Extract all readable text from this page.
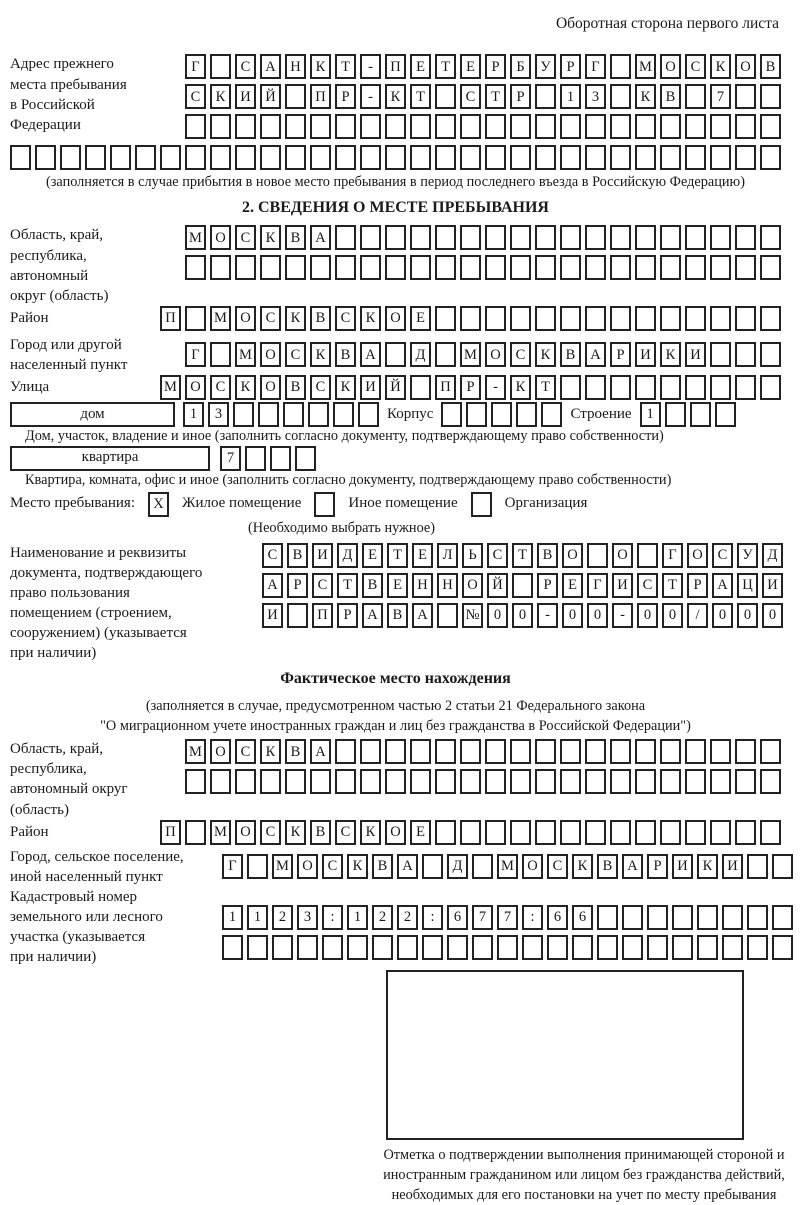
Оборотная сторона первого листа
Адрес прежнего
места пребывания
в Российской
Федерации
Г	С	А	Н	К	Т	-	П	Е	Т	Е	Р	Б	У	Р	Г	М О	С	К	О	В
С	К	И	Й	П	Р	-	К	Т	С	Т	Р	1	3	К	В	7
(заполняется в случае прибытия в новое место пребывания в период последнего въезда в Российскую Федерацию)
2. СВЕДЕНИЯ О МЕСТЕ ПРЕБЫВАНИЯ
Область, край,
республика,
автономный
округ (область)
М О	С	К	В	А
Район	П	М О	С	К	В	С	К	О	Е
Город или другой
населенный пункт
Г	М О	С	К	В	А	Д	М О	С	К	В	А	Р	И	К	И
Улица	М О	С	К	О	В	С	К	И	Й	П	Р	-	К	Т
дом	1	3	Корпус	Строение	1
Дом, участок, владение и иное (заполнить согласно документу, подтверждающему право собственности)
квартира	7
Квартира, комната, офис и иное (заполнить согласно документу, подтверждающему право собственности)
Место пребывания:	X	Жилое помещение	Иное помещение	Организация
(Необходимо выбрать нужное)
Наименование и реквизиты
документа, подтверждающего
право пользования
помещением (строением,
сооружением) (указывается
при наличии)
С	В	И	Д	Е	Т	Е	Л	Ь	С	Т	В	О	О	Г	О	С	У	Д
А	Р	С	Т	В	Е	Н	Н	О	Й	Р	Е	Г	И	С	Т	Р	А	Ц	И
И	П	Р	А	В	А	№ 0	0	-	0	0	-	0	0	/	0	0	0
Фактическое место нахождения
(заполняется в случае, предусмотренном частью 2 статьи 21 Федерального закона
"О миграционном учете иностранных граждан и лиц без гражданства в Российской Федерации")
Область, край,
республика,
автономный округ
(область)
М О	С	К	В	А
Район	П	М О	С	К	В	С	К	О	Е
Город, сельское поселение,
иной населенный пункт
Г	М О	С	К	В	А	Д	М О	С	К	В	А	Р	И	К	И
Кадастровый номер
земельного или лесного
участка (указывается
при наличии)
1	1	2	3	:	1	2	2	:	6	7	7	:	6	6
Отметка о подтверждении выполнения принимающей стороной и иностранным гражданином или лицом без гражданства действий, необходимых для его постановки на учет по месту пребывания
